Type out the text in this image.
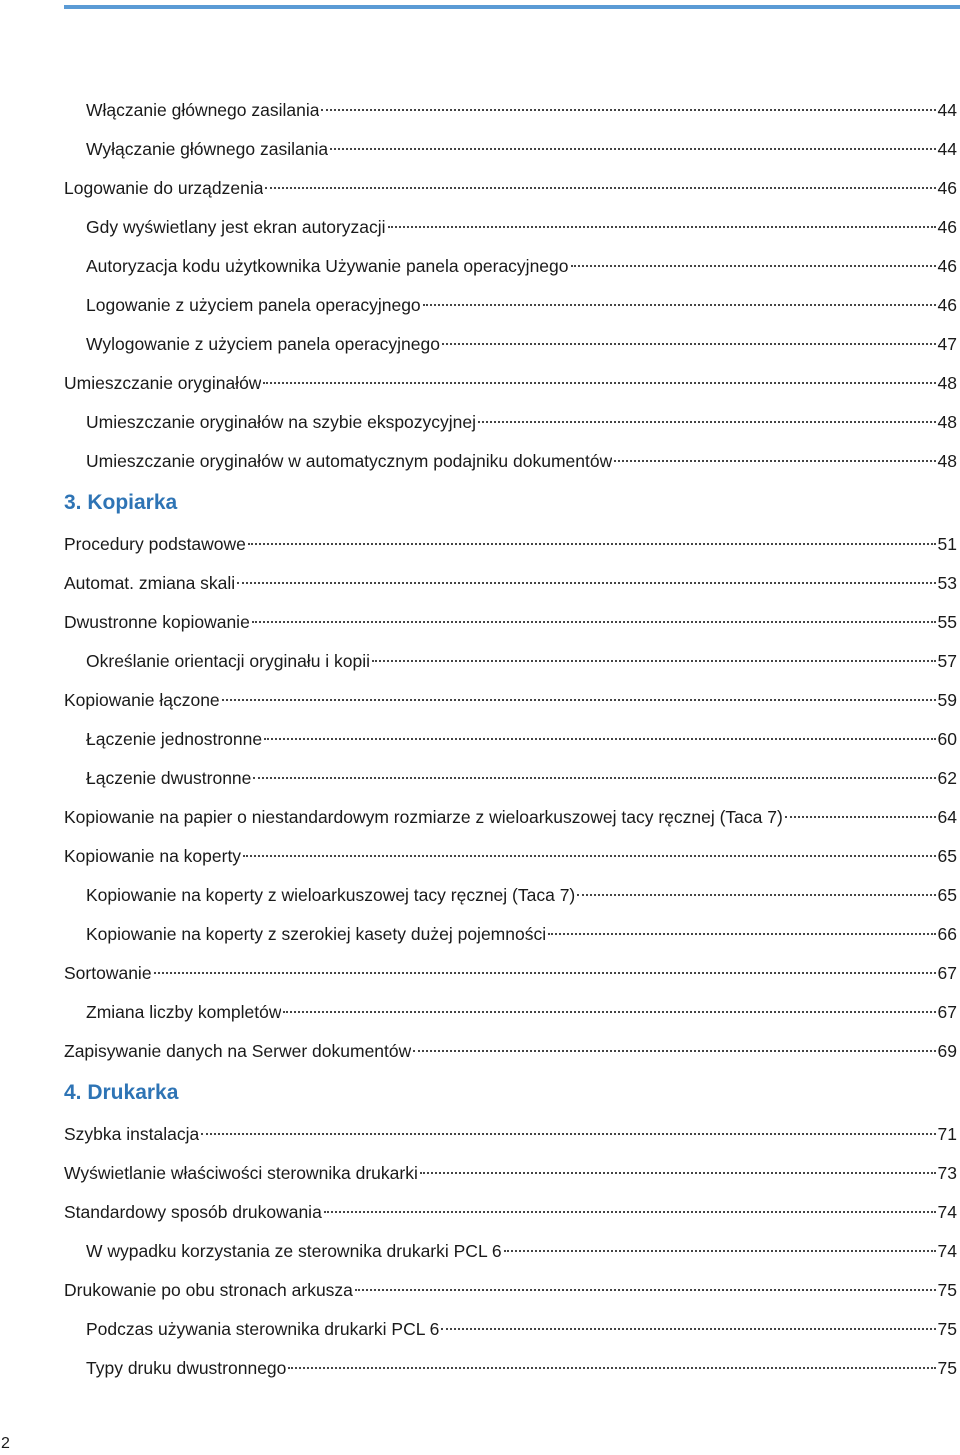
Włączanie głównego zasilania	44
Wyłączanie głównego zasilania	44
Logowanie do urządzenia	46
Gdy wyświetlany jest ekran autoryzacji	46
Autoryzacja kodu użytkownika Używanie panela operacyjnego	46
Logowanie z użyciem panela operacyjnego	46
Wylogowanie z użyciem panela operacyjnego	47
Umieszczanie oryginałów	48
Umieszczanie oryginałów na szybie ekspozycyjnej	48
Umieszczanie oryginałów w automatycznym podajniku dokumentów	48
3. Kopiarka
Procedury podstawowe	51
Automat. zmiana skali	53
Dwustronne kopiowanie	55
Określanie orientacji oryginału i kopii	57
Kopiowanie łączone	59
Łączenie jednostronne	60
Łączenie dwustronne	62
Kopiowanie na papier o niestandardowym rozmiarze z wieloarkuszowej tacy ręcznej (Taca 7)	64
Kopiowanie na koperty	65
Kopiowanie na koperty z wieloarkuszowej tacy ręcznej (Taca 7)	65
Kopiowanie na koperty z szerokiej kasety dużej pojemności	66
Sortowanie	67
Zmiana liczby kompletów	67
Zapisywanie danych na Serwer dokumentów	69
4. Drukarka
Szybka instalacja	71
Wyświetlanie właściwości sterownika drukarki	73
Standardowy sposób drukowania	74
W wypadku korzystania ze sterownika drukarki PCL 6	74
Drukowanie po obu stronach arkusza	75
Podczas używania sterownika drukarki PCL 6	75
Typy druku dwustronnego	75
2
